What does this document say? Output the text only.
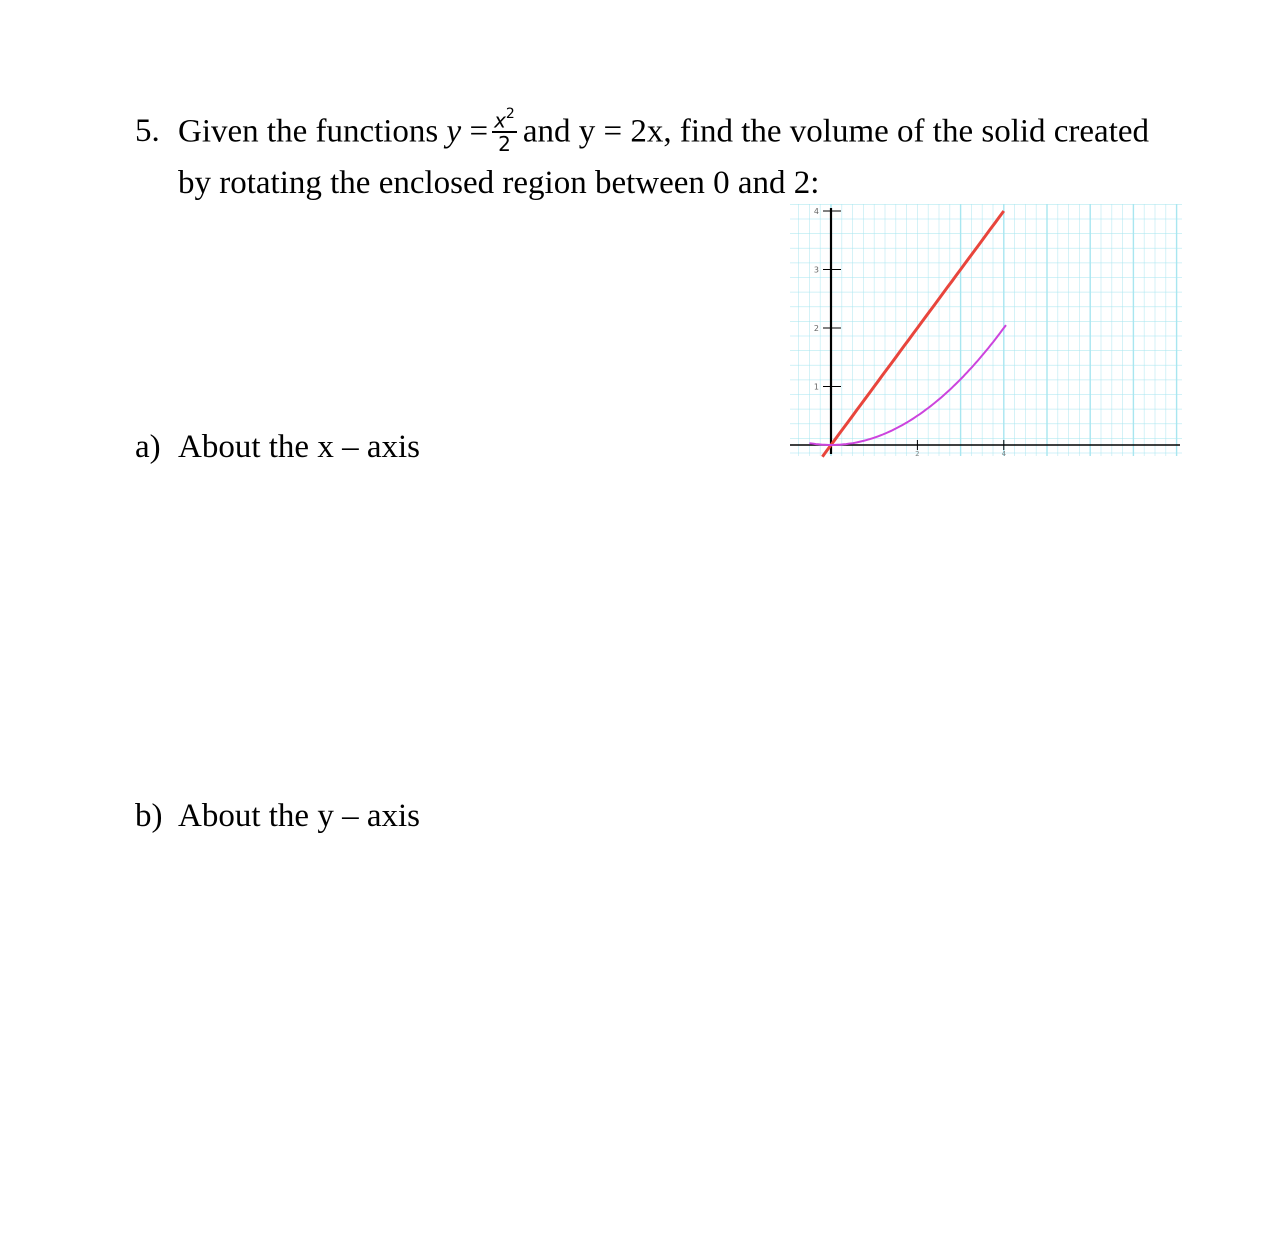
5. Given the functions $y = \frac{x^2}{2}$ and y = 2x, find the volume of the solid created
by rotating the enclosed region between 0 and 2:
a) About the x – axis
b) About the y – axis
1
2
3
4
2	4
